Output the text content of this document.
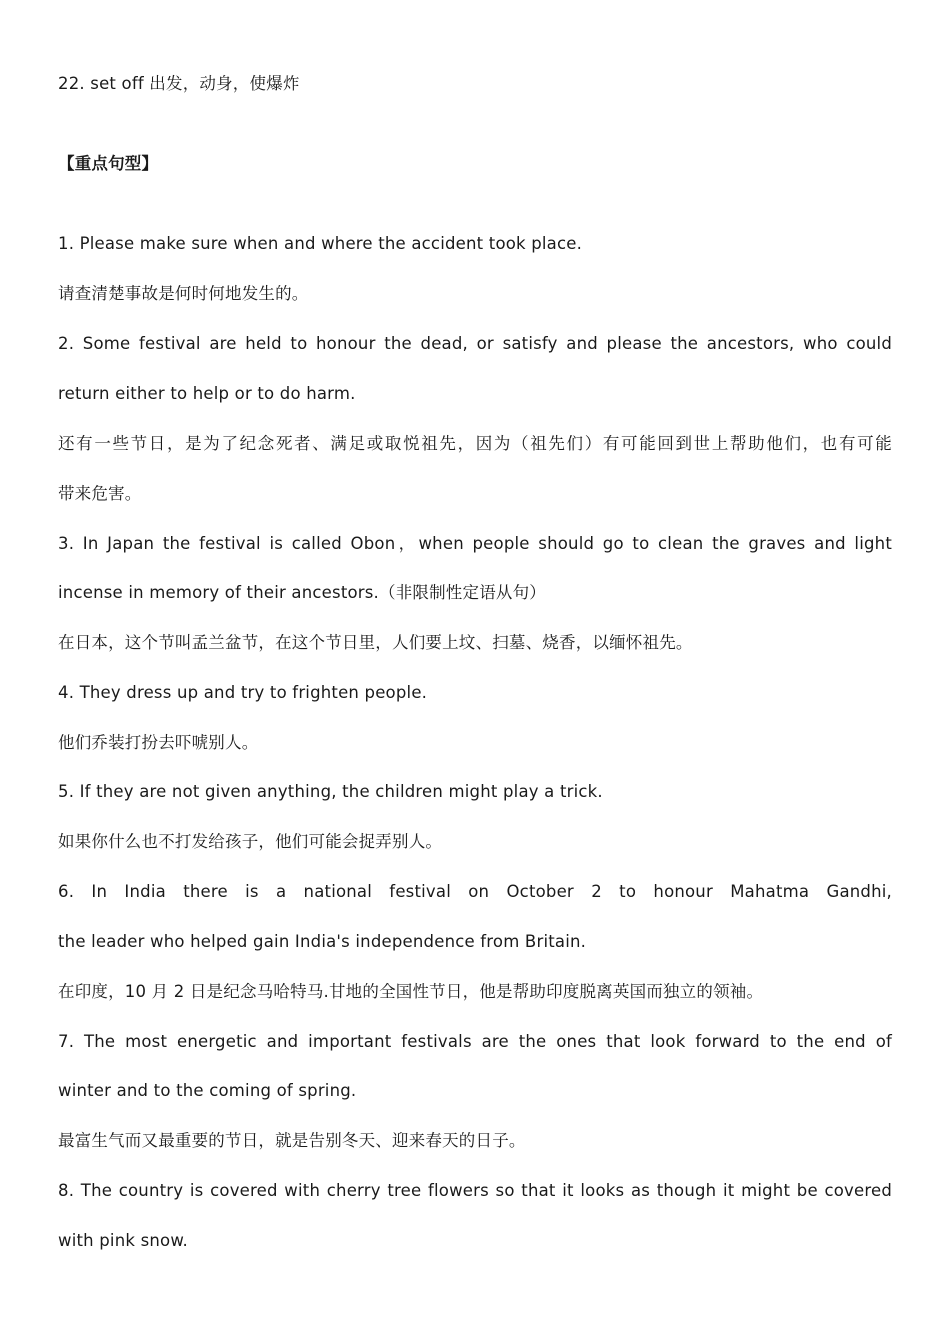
22. set off 出发，动身，使爆炸
【重点句型】
1. Please make sure when and where the accident took place.
请查清楚事故是何时何地发生的。
2. Some festival are held to honour the dead, or satisfy and please the ancestors, who could
return either to help or to do harm.
还有一些节日，是为了纪念死者、满足或取悦祖先，因为（祖先们）有可能回到世上帮助他们，也有可能
带来危害。
3. In Japan the festival is called Obon，when people should go to clean the graves and light
incense in memory of their ancestors.（非限制性定语从句）
在日本，这个节叫孟兰盆节，在这个节日里，人们要上坟、扫墓、烧香，以缅怀祖先。
4. They dress up and try to frighten people.
他们乔装打扮去吓唬别人。
5. If they are not given anything, the children might play a trick.
如果你什么也不打发给孩子，他们可能会捉弄别人。
6. In India there is a national festival on October 2 to honour Mahatma Gandhi,
the leader who helped gain India's independence from Britain.
在印度，10 月 2 日是纪念马哈特马.甘地的全国性节日，他是帮助印度脱离英国而独立的领袖。
7. The most energetic and important festivals are the ones that look forward to the end of
winter and to the coming of spring.
最富生气而又最重要的节日，就是告别冬天、迎来春天的日子。
8. The country is covered with cherry tree flowers so that it looks as though it might be covered
with pink snow.
